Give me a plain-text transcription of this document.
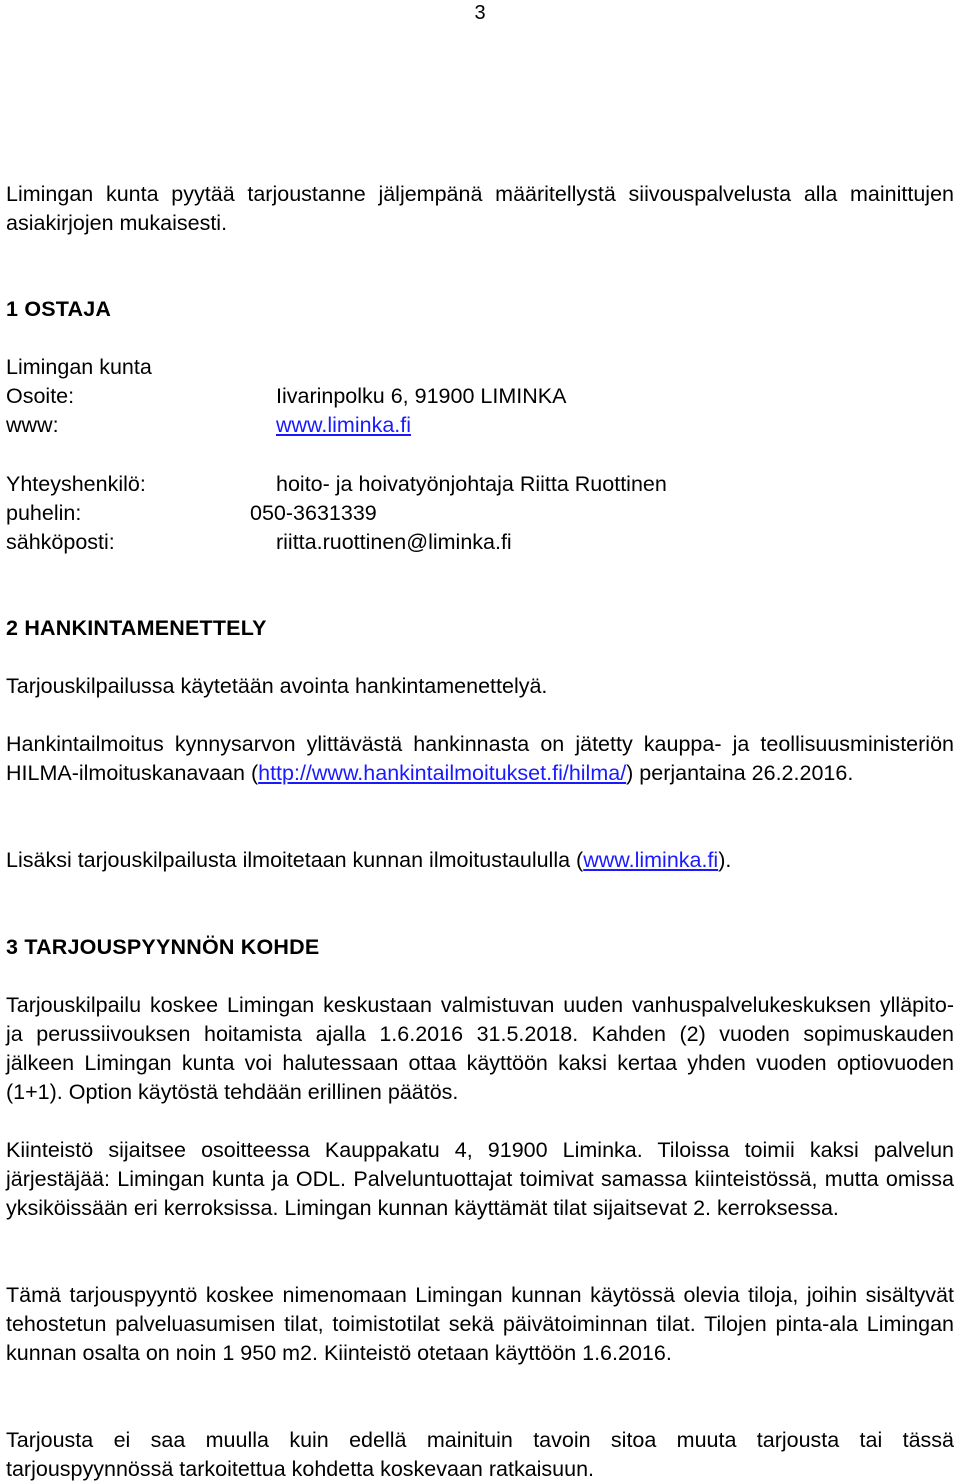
3
Limingan kunta pyytää tarjoustanne jäljempänä määritellystä siivouspalvelusta alla mainittujen asiakirjojen mukaisesti.
1 OSTAJA
Limingan kunta
Osoite:	Iivarinpolku 6, 91900 LIMINKA
www:	www.liminka.fi
Yhteyshenkilö:	hoito- ja hoivatyönjohtaja Riitta Ruottinen
puhelin:	050-3631339
sähköposti:	riitta.ruottinen@liminka.fi
2 HANKINTAMENETTELY
Tarjouskilpailussa käytetään avointa hankintamenettelyä.
Hankintailmoitus kynnysarvon ylittävästä hankinnasta on jätetty kauppa- ja teollisuusministeriön HILMA-ilmoituskanavaan (http://www.hankintailmoitukset.fi/hilma/) perjantaina 26.2.2016.
Lisäksi tarjouskilpailusta ilmoitetaan kunnan ilmoitustaululla (www.liminka.fi).
3 TARJOUSPYYNNÖN KOHDE
Tarjouskilpailu koskee Limingan keskustaan valmistuvan uuden vanhuspalvelukeskuksen ylläpito- ja perussiivouksen hoitamista ajalla 1.6.2016 31.5.2018. Kahden (2) vuoden sopimuskauden jälkeen Limingan kunta voi halutessaan ottaa käyttöön kaksi kertaa yhden vuoden optiovuoden (1+1). Option käytöstä tehdään erillinen päätös.
Kiinteistö sijaitsee osoitteessa Kauppakatu 4, 91900 Liminka. Tiloissa toimii kaksi palvelun järjestäjää: Limingan kunta ja ODL. Palveluntuottajat toimivat samassa kiinteistössä, mutta omissa yksiköissään eri kerroksissa. Limingan kunnan käyttämät tilat sijaitsevat 2. kerroksessa.
Tämä tarjouspyyntö koskee nimenomaan Limingan kunnan käytössä olevia tiloja, joihin sisältyvät tehostetun palveluasumisen tilat, toimistotilat sekä päivätoiminnan tilat. Tilojen pinta-ala Limingan kunnan osalta on noin 1 950 m2. Kiinteistö otetaan käyttöön 1.6.2016.
Tarjousta ei saa muulla kuin edellä mainituin tavoin sitoa muuta tarjousta tai tässä tarjouspyynnössä tarkoitettua kohdetta koskevaan ratkaisuun.
